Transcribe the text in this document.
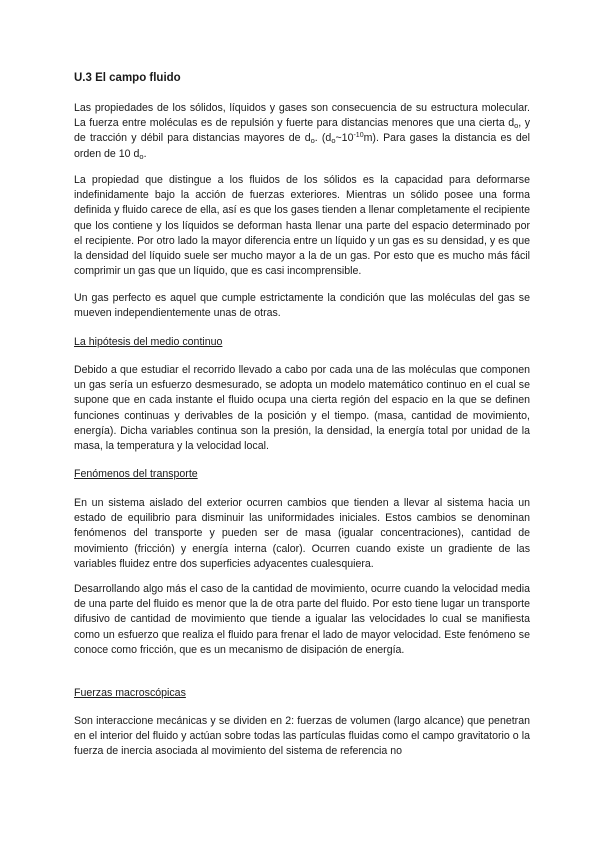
U.3 El campo fluido

Las propiedades de los sólidos, líquidos y gases son consecuencia de su estructura molecular. La fuerza entre moléculas es de repulsión y fuerte para distancias menores que una cierta $d_o$, y de tracción y débil para distancias mayores de $d_o$. $(d_o\sim 10^{-10}m)$. Para gases la distancia es del orden de 10 $d_o$.

La propiedad que distingue a los fluidos de los sólidos es la capacidad para deformarse indefinidamente bajo la acción de fuerzas exteriores. Mientras un sólido posee una forma definida y fluido carece de ella, así es que los gases tienden a llenar completamente el recipiente que los contiene y los líquidos se deforman hasta llenar una parte del espacio determinado por el recipiente. Por otro lado la mayor diferencia entre un líquido y un gas es su densidad, y es que la densidad del líquido suele ser mucho mayor a la de un gas. Por esto que es mucho más fácil comprimir un gas que un líquido, que es casi incomprensible.

Un gas perfecto es aquel que cumple estrictamente la condición que las moléculas del gas se mueven independientemente unas de otras.

La hipótesis del medio continuo

Debido a que estudiar el recorrido llevado a cabo por cada una de las moléculas que componen un gas sería un esfuerzo desmesurado, se adopta un modelo matemático continuo en el cual se supone que en cada instante el fluido ocupa una cierta región del espacio en la que se definen funciones continuas y derivables de la posición y el tiempo. (masa, cantidad de movimiento, energía). Dicha variables continua son la presión, la densidad, la energía total por unidad de la masa, la temperatura y la velocidad local.

Fenómenos del transporte

En un sistema aislado del exterior ocurren cambios que tienden a llevar al sistema hacia un estado de equilibrio para disminuir las uniformidades iniciales. Estos cambios se denominan fenómenos del transporte y pueden ser de masa (igualar concentraciones), cantidad de movimiento (fricción) y energía interna (calor). Ocurren cuando existe un gradiente de las variables fluidez entre dos superficies adyacentes cualesquiera.

Desarrollando algo más el caso de la cantidad de movimiento, ocurre cuando la velocidad media de una parte del fluido es menor que la de otra parte del fluido. Por esto tiene lugar un transporte difusivo de cantidad de movimiento que tiende a igualar las velocidades lo cual se manifiesta como un esfuerzo que realiza el fluido para frenar el lado de mayor velocidad. Este fenómeno se conoce como fricción, que es un mecanismo de disipación de energía.

Fuerzas macroscópicas

Son interaccione mecánicas y se dividen en 2: fuerzas de volumen (largo alcance) que penetran en el interior del fluido y actúan sobre todas las partículas fluidas como el campo gravitatorio o la fuerza de inercia asociada al movimiento del sistema de referencia no
